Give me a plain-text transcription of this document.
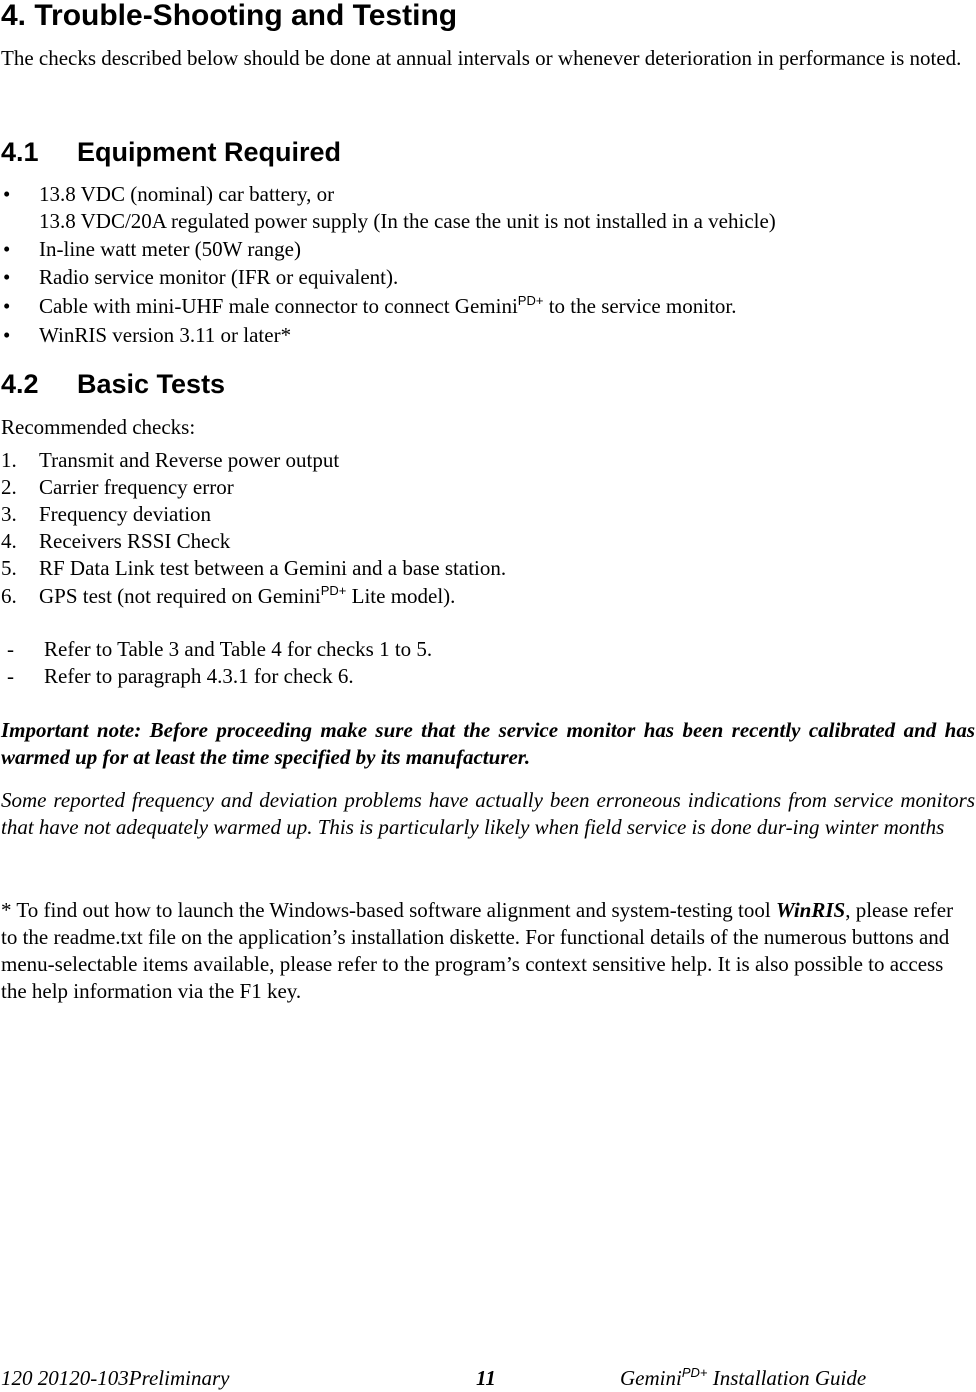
4. Trouble-Shooting and Testing
The checks described below should be done at annual intervals or whenever deterioration in performance is noted.
4.1 Equipment Required
• 13.8 VDC (nominal) car battery, or
13.8 VDC/20A regulated power supply (In the case the unit is not installed in a vehicle)
• In-line watt meter (50W range)
• Radio service monitor (IFR or equivalent).
• Cable with mini-UHF male connector to connect Gemini$^{PD+}$ to the service monitor.
• WinRIS version 3.11 or later*
4.2 Basic Tests
Recommended checks:
1. Transmit and Reverse power output
2. Carrier frequency error
3. Frequency deviation
4. Receivers RSSI Check
5. RF Data Link test between a Gemini and a base station.
6. GPS test (not required on Gemini$^{PD+}$ Lite model).
- Refer to Table 3 and Table 4 for checks 1 to 5.
- Refer to paragraph 4.3.1 for check 6.
Important note: Before proceeding make sure that the service monitor has been recently calibrated and has warmed up for at least the time specified by its manufacturer.
Some reported frequency and deviation problems have actually been erroneous indications from service monitors that have not adequately warmed up. This is particularly likely when field service is done dur-ing winter months
* To find out how to launch the Windows-based software alignment and system-testing tool WinRIS, please refer to the readme.txt file on the application’s installation diskette. For functional details of the numerous buttons and menu-selectable items available, please refer to the program’s context sensitive help. It is also possible to access the help information via the F1 key.
120 20120-103Preliminary	11	Gemini$^{PD+}$ Installation Guide
